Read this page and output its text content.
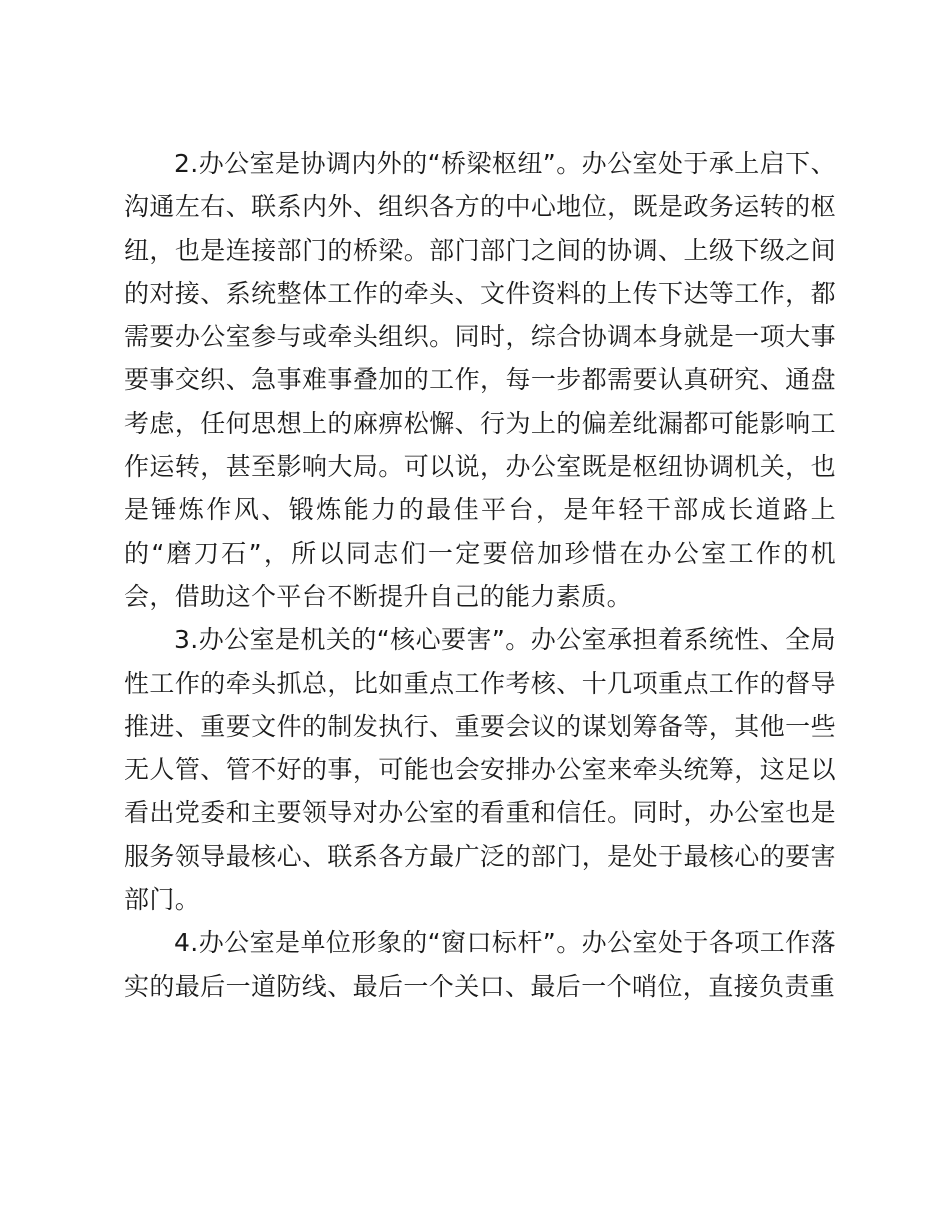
2.办公室是协调内外的“桥梁枢纽”。办公室处于承上启下、沟通左右、联系内外、组织各方的中心地位，既是政务运转的枢纽，也是连接部门的桥梁。部门部门之间的协调、上级下级之间的对接、系统整体工作的牵头、文件资料的上传下达等工作，都需要办公室参与或牵头组织。同时，综合协调本身就是一项大事要事交织、急事难事叠加的工作，每一步都需要认真研究、通盘考虑，任何思想上的麻痹松懈、行为上的偏差纰漏都可能影响工作运转，甚至影响大局。可以说，办公室既是枢纽协调机关，也是锤炼作风、锻炼能力的最佳平台，是年轻干部成长道路上的“磨刀石”，所以同志们一定要倍加珍惜在办公室工作的机会，借助这个平台不断提升自己的能力素质。

3.办公室是机关的“核心要害”。办公室承担着系统性、全局性工作的牵头抓总，比如重点工作考核、十几项重点工作的督导推进、重要文件的制发执行、重要会议的谋划筹备等，其他一些无人管、管不好的事，可能也会安排办公室来牵头统筹，这足以看出党委和主要领导对办公室的看重和信任。同时，办公室也是服务领导最核心、联系各方最广泛的部门，是处于最核心的要害部门。

4.办公室是单位形象的“窗口标杆”。办公室处于各项工作落实的最后一道防线、最后一个关口、最后一个哨位，直接负责重
